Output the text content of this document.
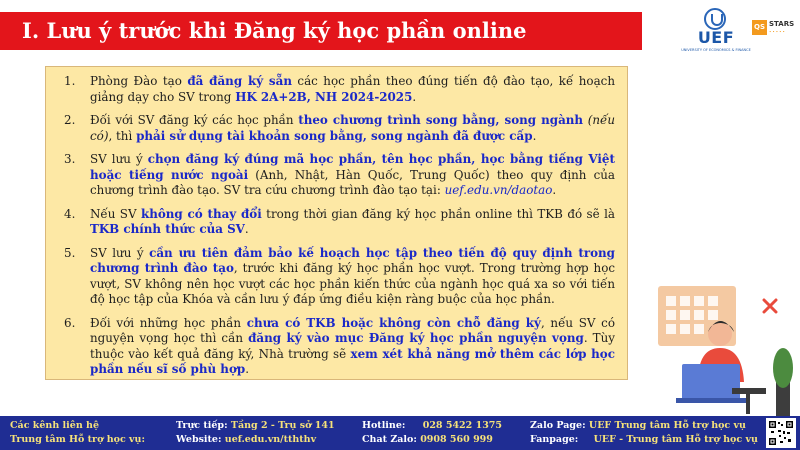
I. Lưu ý trước khi Đăng ký học phần online	UEF
UNIVERSITY OF ECONOMICS & FINANCE
QS STARS
•••••
1.	Phòng Đào tạo đã đăng ký sẵn các học phần theo đúng tiến độ đào tạo, kế hoạch giảng dạy cho SV trong HK 2A+2B, NH 2024-2025.
2.	Đối với SV đăng ký các học phần theo chương trình song bằng, song ngành (nếu có), thì phải sử dụng tài khoản song bằng, song ngành đã được cấp.
3.	SV lưu ý chọn đăng ký đúng mã học phần, tên học phần, học bằng tiếng Việt hoặc tiếng nước ngoài (Anh, Nhật, Hàn Quốc, Trung Quốc) theo quy định của chương trình đào tạo. SV tra cứu chương trình đào tạo tại: uef.edu.vn/daotao.
4.	Nếu SV không có thay đổi trong thời gian đăng ký học phần online thì TKB đó sẽ là TKB chính thức của SV.
5.	SV lưu ý cần ưu tiên đảm bảo kế hoạch học tập theo tiến độ quy định trong chương trình đào tạo, trước khi đăng ký học phần học vượt. Trong trường hợp học vượt, SV không nên học vượt các học phần kiến thức của ngành học quá xa so với tiến độ học tập của Khóa và cần lưu ý đáp ứng điều kiện ràng buộc của học phần.
6.	Đối với những học phần chưa có TKB hoặc không còn chỗ đăng ký, nếu SV có nguyện vọng học thì cần đăng ký vào mục Đăng ký học phần nguyện vọng. Tùy thuộc vào kết quả đăng ký, Nhà trường sẽ xem xét khả năng mở thêm các lớp học phần nếu sĩ số phù hợp.
Các kênh liên hệ
Trung tâm Hỗ trợ học vụ:
Trực tiếp: Tầng 2 - Trụ sở 141
Website: uef.edu.vn/tththv
Hotline: 028 5422 1375
Chat Zalo: 0908 560 999
Zalo Page: UEF Trung tâm Hỗ trợ học vụ
Fanpage: UEF - Trung tâm Hỗ trợ học vụ
